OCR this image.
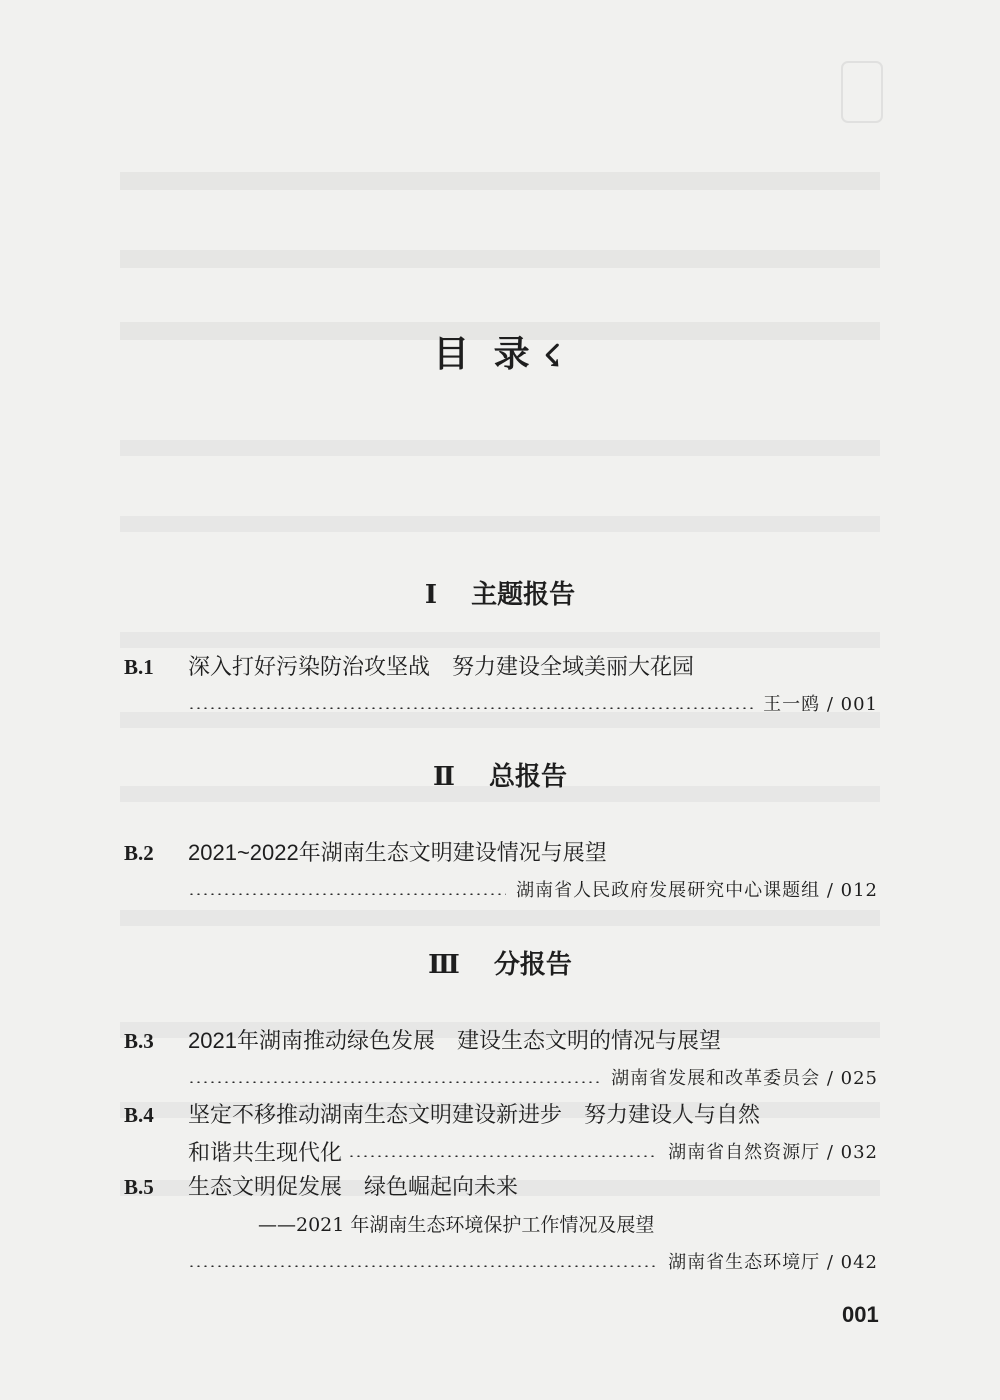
目 录 ☇
Ⅰ 主题报告
B.1	深入打好污染防治攻坚战　努力建设全域美丽大花园
王一鸥 / 001
Ⅱ 总报告
B.2	2021~2022年湖南生态文明建设情况与展望
湖南省人民政府发展研究中心课题组 / 012
Ⅲ 分报告
B.3	2021年湖南推动绿色发展　建设生态文明的情况与展望
湖南省发展和改革委员会 / 025
B.4	坚定不移推动湖南生态文明建设新进步　努力建设人与自然
和谐共生现代化	湖南省自然资源厅 / 032
B.5	生态文明促发展　绿色崛起向未来
——2021 年湖南生态环境保护工作情况及展望
湖南省生态环境厅 / 042
001
